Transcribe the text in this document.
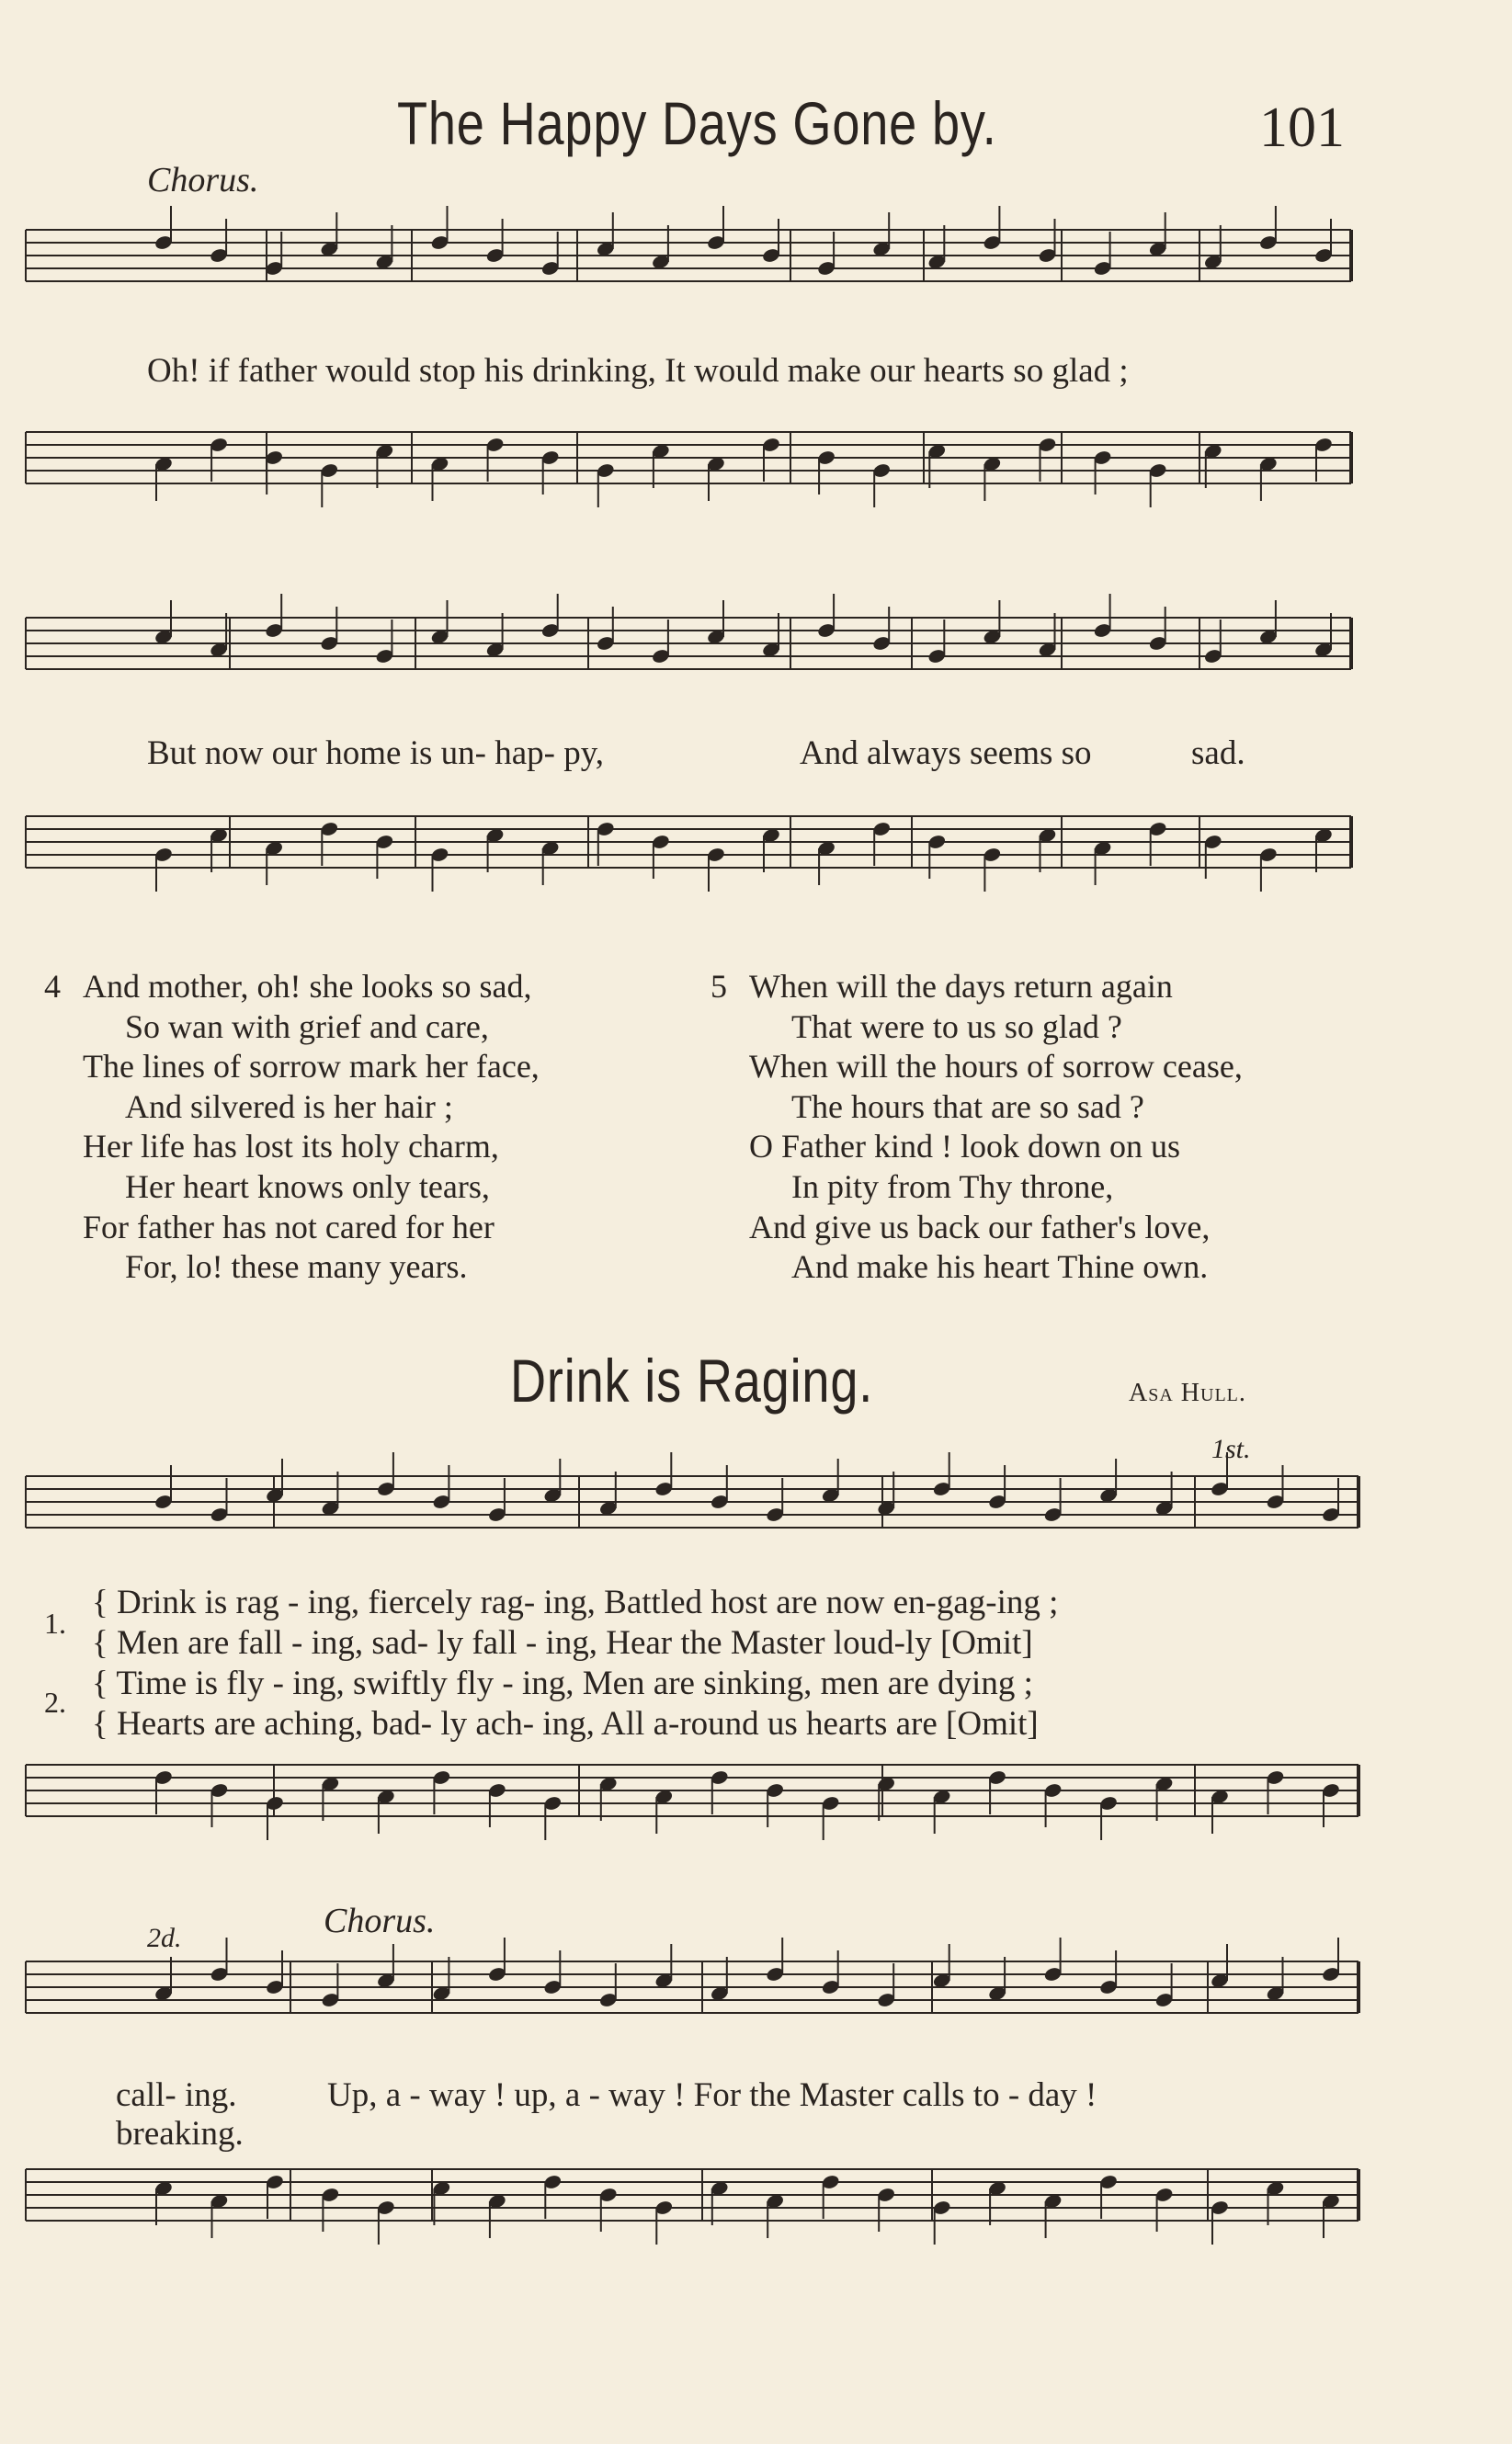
The Happy Days Gone by.	101
Chorus.
Oh! if father would stop his drinking, It would make our hearts so glad ;
But now our home is un- hap- py,	And always seems so	sad.
4 And mother, oh! she looks so sad,
So wan with grief and care,
The lines of sorrow mark her face,
And silvered is her hair ;
Her life has lost its holy charm,
Her heart knows only tears,
For father has not cared for her
For, lo! these many years.
5 When will the days return again
That were to us so glad ?
When will the hours of sorrow cease,
The hours that are so sad ?
O Father kind ! look down on us
In pity from Thy throne,
And give us back our father's love,
And make his heart Thine own.
Drink is Raging.	Asa Hull.
1st.
1.
2.
{ Drink is rag - ing, fiercely rag- ing, Battled host are now en-gag-ing ;
{ Men are fall - ing, sad- ly fall - ing, Hear the Master loud-ly [Omit]
{ Time is fly - ing, swiftly fly - ing, Men are sinking, men are dying ;
{ Hearts are aching, bad- ly ach- ing, All a-round us hearts are [Omit]
2d.	Chorus.
call- ing.	Up, a - way ! up, a - way ! For the Master calls to - day !
breaking.
